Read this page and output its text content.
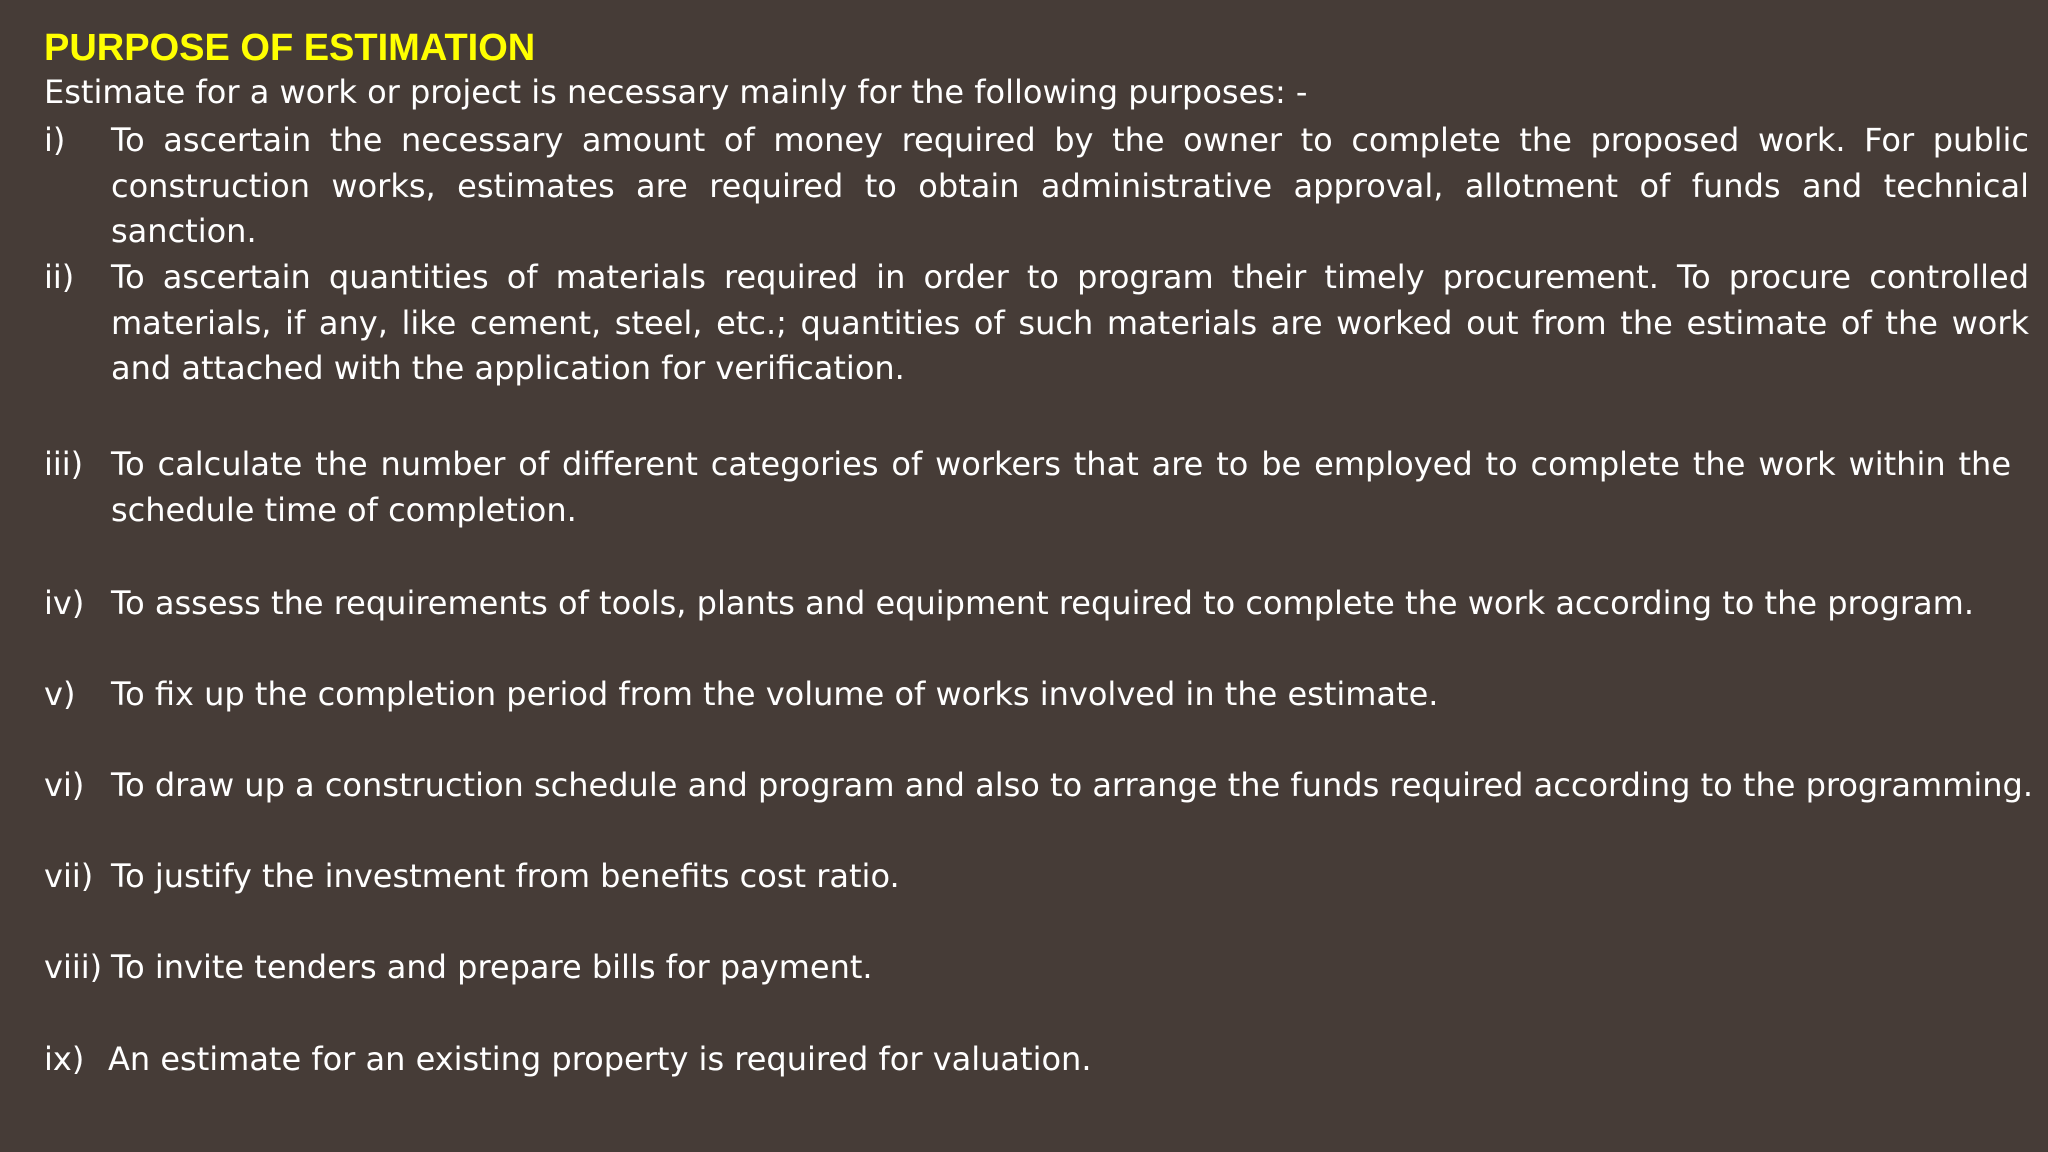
PURPOSE OF ESTIMATION
Estimate for a work or project is necessary mainly for the following purposes: -
i) To ascertain the necessary amount of money required by the owner to complete the proposed work. For public construction works, estimates are required to obtain administrative approval, allotment of funds and technical sanction.
ii) To ascertain quantities of materials required in order to program their timely procurement. To procure controlled materials, if any, like cement, steel, etc.; quantities of such materials are worked out from the estimate of the work and attached with the application for verification.
iii) To calculate the number of different categories of workers that are to be employed to complete the work within the schedule time of completion.
iv) To assess the requirements of tools, plants and equipment required to complete the work according to the program.
v) To fix up the completion period from the volume of works involved in the estimate.
vi) To draw up a construction schedule and program and also to arrange the funds required according to the programming.
vii) To justify the investment from benefits cost ratio.
viii) To invite tenders and prepare bills for payment.
ix) An estimate for an existing property is required for valuation.
